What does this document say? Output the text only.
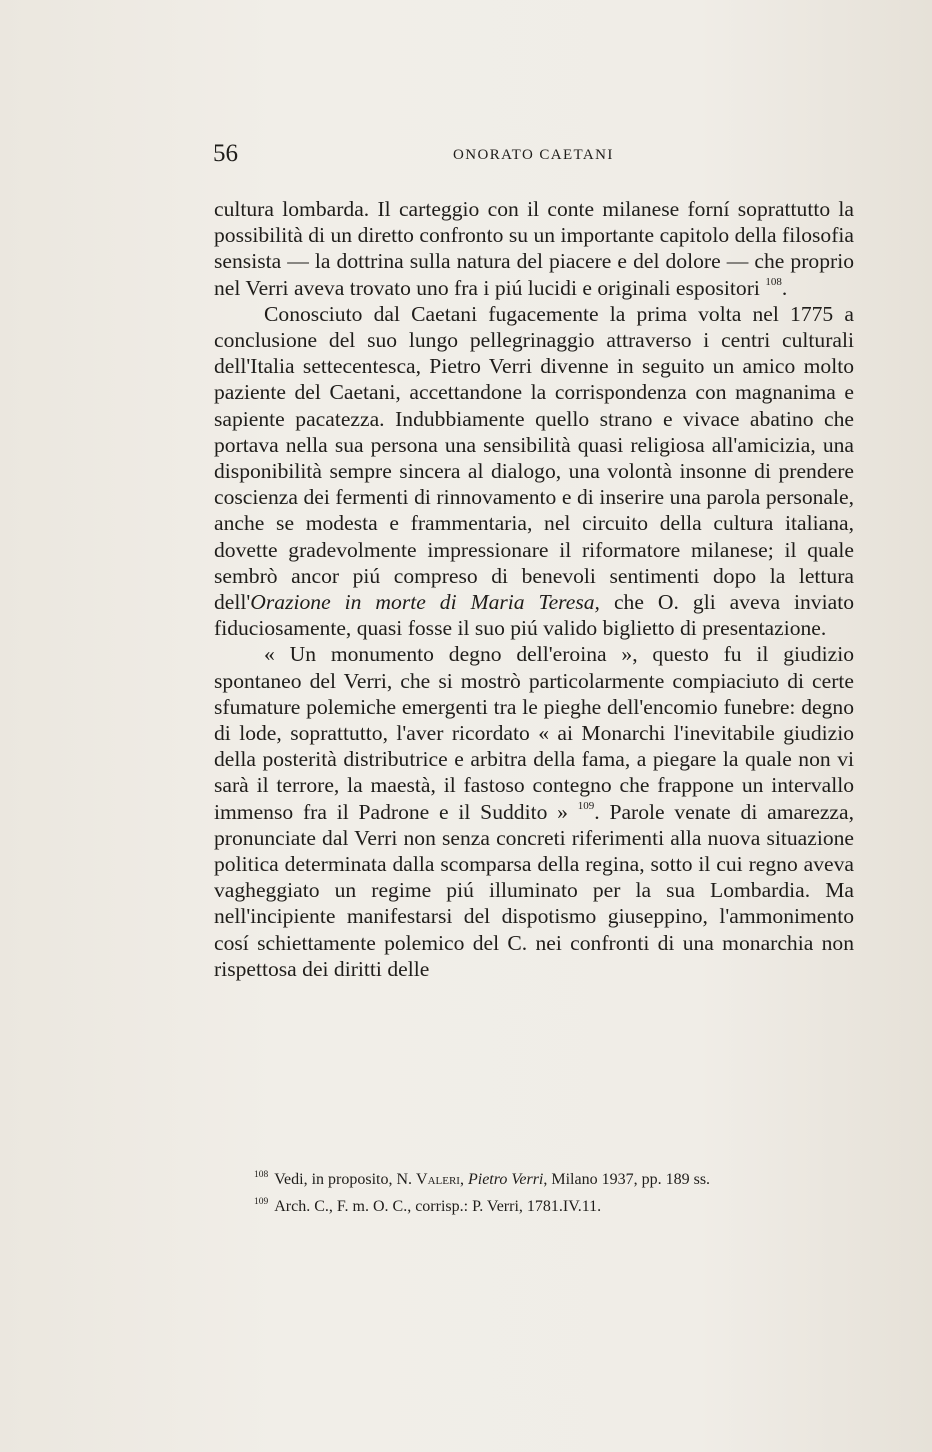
56	ONORATO CAETANI

cultura lombarda. Il carteggio con il conte milanese forní soprattutto la possibilità di un diretto confronto su un importante capitolo della filosofia sensista — la dottrina sulla natura del piacere e del dolore — che proprio nel Verri aveva trovato uno fra i piú lucidi e originali espositori $^{108}$.

Conosciuto dal Caetani fugacemente la prima volta nel 1775 a conclusione del suo lungo pellegrinaggio attraverso i centri culturali dell'Italia settecentesca, Pietro Verri divenne in seguito un amico molto paziente del Caetani, accettandone la corrispondenza con magnanima e sapiente pacatezza. Indubbiamente quello strano e vivace abatino che portava nella sua persona una sensibilità quasi religiosa all'amicizia, una disponibilità sempre sincera al dialogo, una volontà insonne di prendere coscienza dei fermenti di rinnovamento e di inserire una parola personale, anche se modesta e frammentaria, nel circuito della cultura italiana, dovette gradevolmente impressionare il riformatore milanese; il quale sembrò ancor piú compreso di benevoli sentimenti dopo la lettura dell'Orazione in morte di Maria Teresa, che O. gli aveva inviato fiduciosamente, quasi fosse il suo piú valido biglietto di presentazione.

« Un monumento degno dell'eroina », questo fu il giudizio spontaneo del Verri, che si mostrò particolarmente compiaciuto di certe sfumature polemiche emergenti tra le pieghe dell'encomio funebre: degno di lode, soprattutto, l'aver ricordato « ai Monarchi l'inevitabile giudizio della posterità distributrice e arbitra della fama, a piegare la quale non vi sarà il terrore, la maestà, il fastoso contegno che frappone un intervallo immenso fra il Padrone e il Suddito » $^{109}$. Parole venate di amarezza, pronunciate dal Verri non senza concreti riferimenti alla nuova situazione politica determinata dalla scomparsa della regina, sotto il cui regno aveva vagheggiato un regime piú illuminato per la sua Lombardia. Ma nell'incipiente manifestarsi del dispotismo giuseppino, l'ammonimento cosí schiettamente polemico del C. nei confronti di una monarchia non rispettosa dei diritti delle

$^{108}$ Vedi, in proposito, N. Valeri, Pietro Verri, Milano 1937, pp. 189 ss.
$^{109}$ Arch. C., F. m. O. C., corrisp.: P. Verri, 1781.IV.11.
